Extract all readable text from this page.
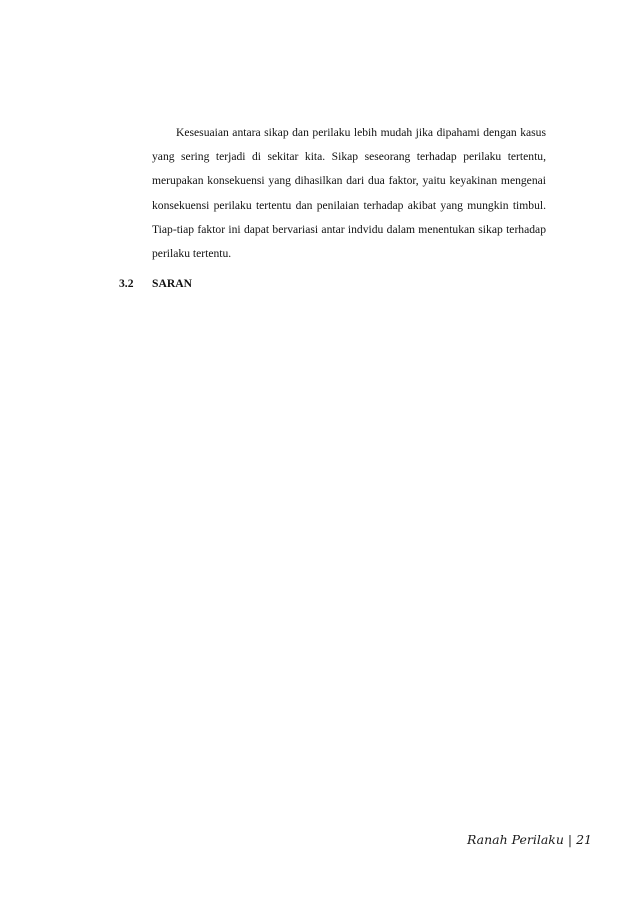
Kesesuaian antara sikap dan perilaku lebih mudah jika dipahami dengan kasus yang sering terjadi di sekitar kita. Sikap seseorang terhadap perilaku tertentu, merupakan konsekuensi yang dihasilkan dari dua faktor, yaitu keyakinan mengenai konsekuensi perilaku tertentu dan penilaian terhadap akibat yang mungkin timbul. Tiap-tiap faktor ini dapat bervariasi antar indvidu dalam menentukan sikap terhadap perilaku tertentu.

3.2 SARAN
Ranah Perilaku | 21
